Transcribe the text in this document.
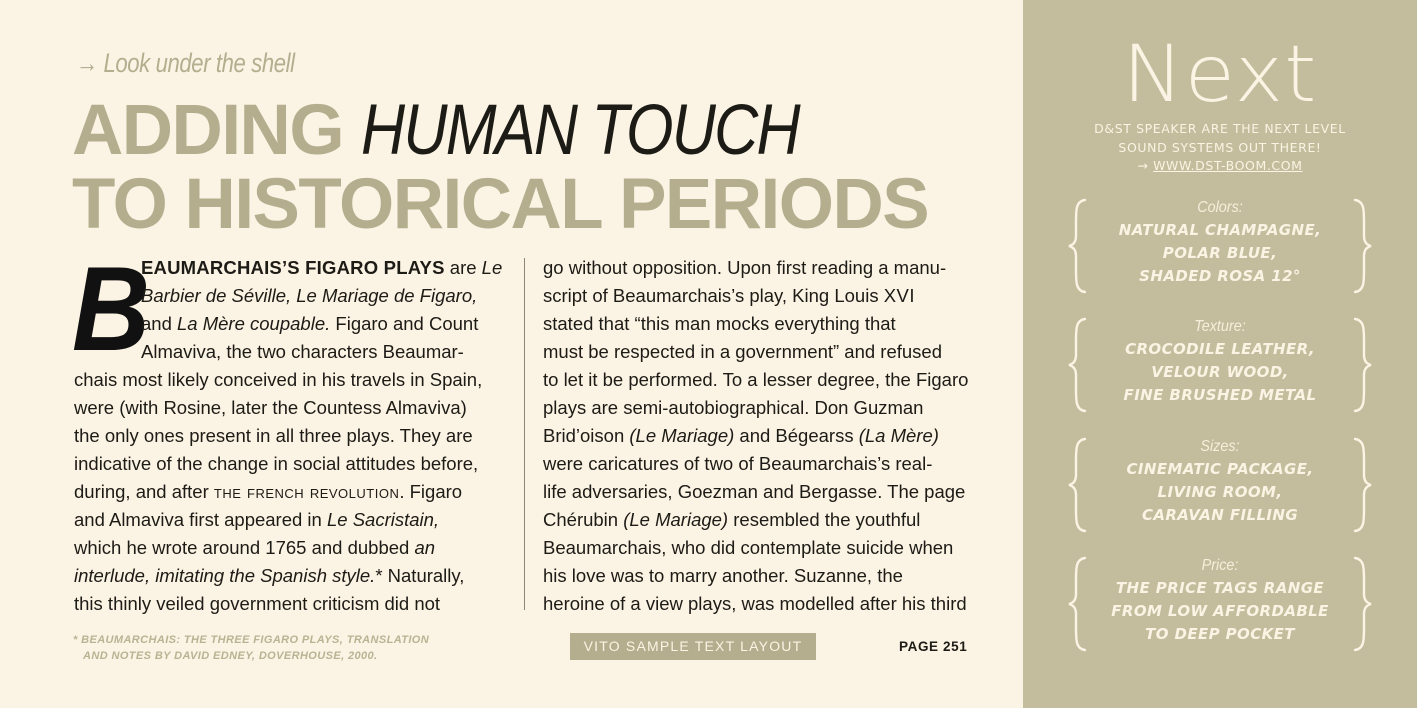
→ Look under the shell
ADDING HUMAN TOUCH
TO HISTORICAL PERIODS
B
EAUMARCHAIS’S FIGARO PLAYS are Le
Barbier de Séville, Le Mariage de Figaro,
and La Mère coupable. Figaro and Count
Almaviva, the two characters Beaumar-
chais most likely conceived in his travels in Spain,
were (with Rosine, later the Countess Almaviva)
the only ones present in all three plays. They are
indicative of the change in social attitudes before,
during, and after the french revolution. Figaro
and Almaviva first appeared in Le Sacristain,
which he wrote around 1765 and dubbed an
interlude, imitating the Spanish style.* Naturally,
this thinly veiled government criticism did not
go without opposition. Upon first reading a manu-
script of Beaumarchais’s play, King Louis XVI
stated that “this man mocks everything that
must be respected in a government” and refused
to let it be performed. To a lesser degree, the Figaro
plays are semi-autobiographical. Don Guzman
Brid’oison (Le Mariage) and Bégearss (La Mère)
were caricatures of two of Beaumarchais’s real-
life adversaries, Goezman and Bergasse. The page
Chérubin (Le Mariage) resembled the youthful
Beaumarchais, who did contemplate suicide when
his love was to marry another. Suzanne, the
heroine of a view plays, was modelled after his third
* BEAUMARCHAIS: THE THREE FIGARO PLAYS, TRANSLATION
AND NOTES BY DAVID EDNEY, DOVERHOUSE, 2000.
VITO SAMPLE TEXT LAYOUT	PAGE 251
Next
D&ST SPEAKER ARE THE NEXT LEVEL
SOUND SYSTEMS OUT THERE!
→ WWW.DST-BOOM.COM
Colors:
NATURAL CHAMPAGNE,
POLAR BLUE,
SHADED ROSA 12°
Texture:
CROCODILE LEATHER,
VELOUR WOOD,
FINE BRUSHED METAL
Sizes:
CINEMATIC PACKAGE,
LIVING ROOM,
CARAVAN FILLING
Price:
THE PRICE TAGS RANGE
FROM LOW AFFORDABLE
TO DEEP POCKET
